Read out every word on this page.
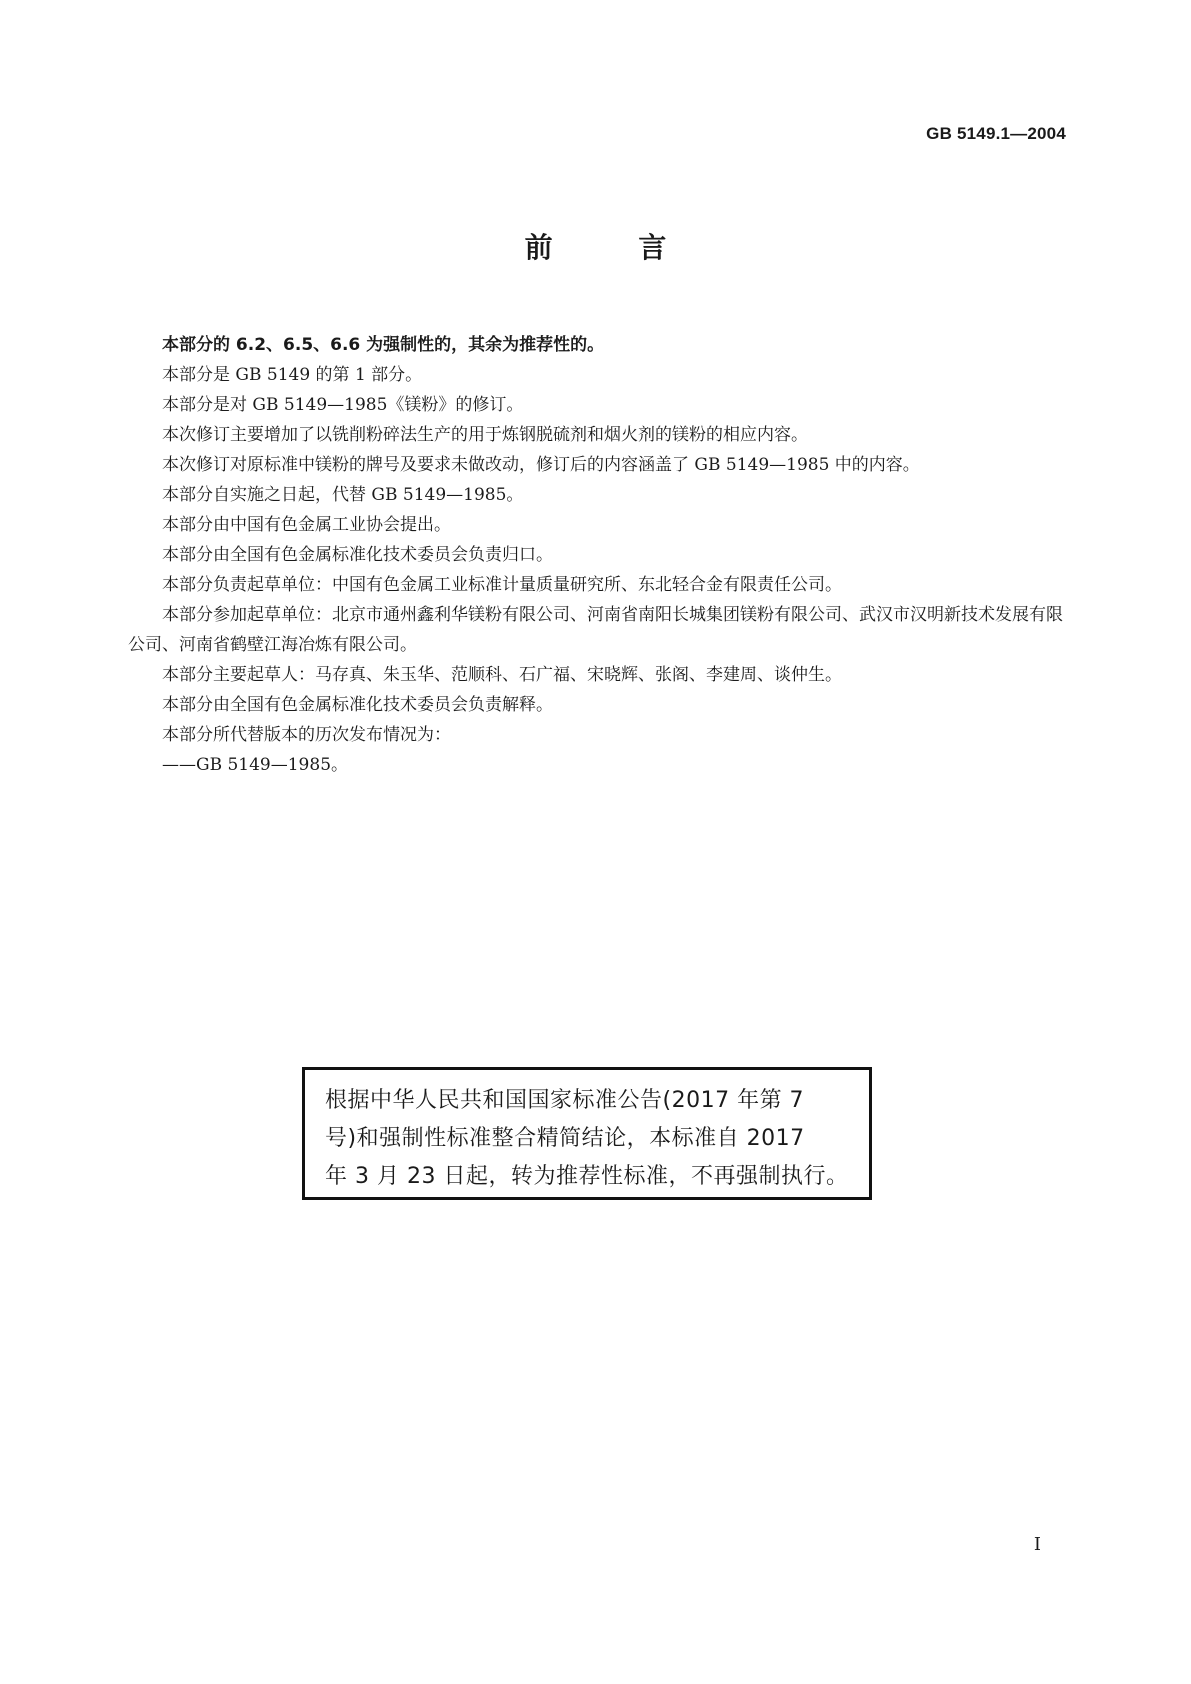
GB 5149.1—2004
前 言

本部分的 6.2、6.5、6.6 为强制性的，其余为推荐性的。

本部分是 GB 5149 的第 1 部分。

本部分是对 GB 5149—1985《镁粉》的修订。

本次修订主要增加了以铣削粉碎法生产的用于炼钢脱硫剂和烟火剂的镁粉的相应内容。

本次修订对原标准中镁粉的牌号及要求未做改动，修订后的内容涵盖了 GB 5149—1985 中的内容。

本部分自实施之日起，代替 GB 5149—1985。

本部分由中国有色金属工业协会提出。

本部分由全国有色金属标准化技术委员会负责归口。

本部分负责起草单位：中国有色金属工业标准计量质量研究所、东北轻合金有限责任公司。

本部分参加起草单位：北京市通州鑫利华镁粉有限公司、河南省南阳长城集团镁粉有限公司、武汉市汉明新技术发展有限公司、河南省鹤壁江海冶炼有限公司。

本部分主要起草人：马存真、朱玉华、范顺科、石广福、宋晓辉、张阁、李建周、谈仲生。

本部分由全国有色金属标准化技术委员会负责解释。

本部分所代替版本的历次发布情况为：

——GB 5149—1985。

根据中华人民共和国国家标准公告(2017 年第 7
号)和强制性标准整合精简结论，本标准自 2017
年 3 月 23 日起，转为推荐性标准，不再强制执行。
I
